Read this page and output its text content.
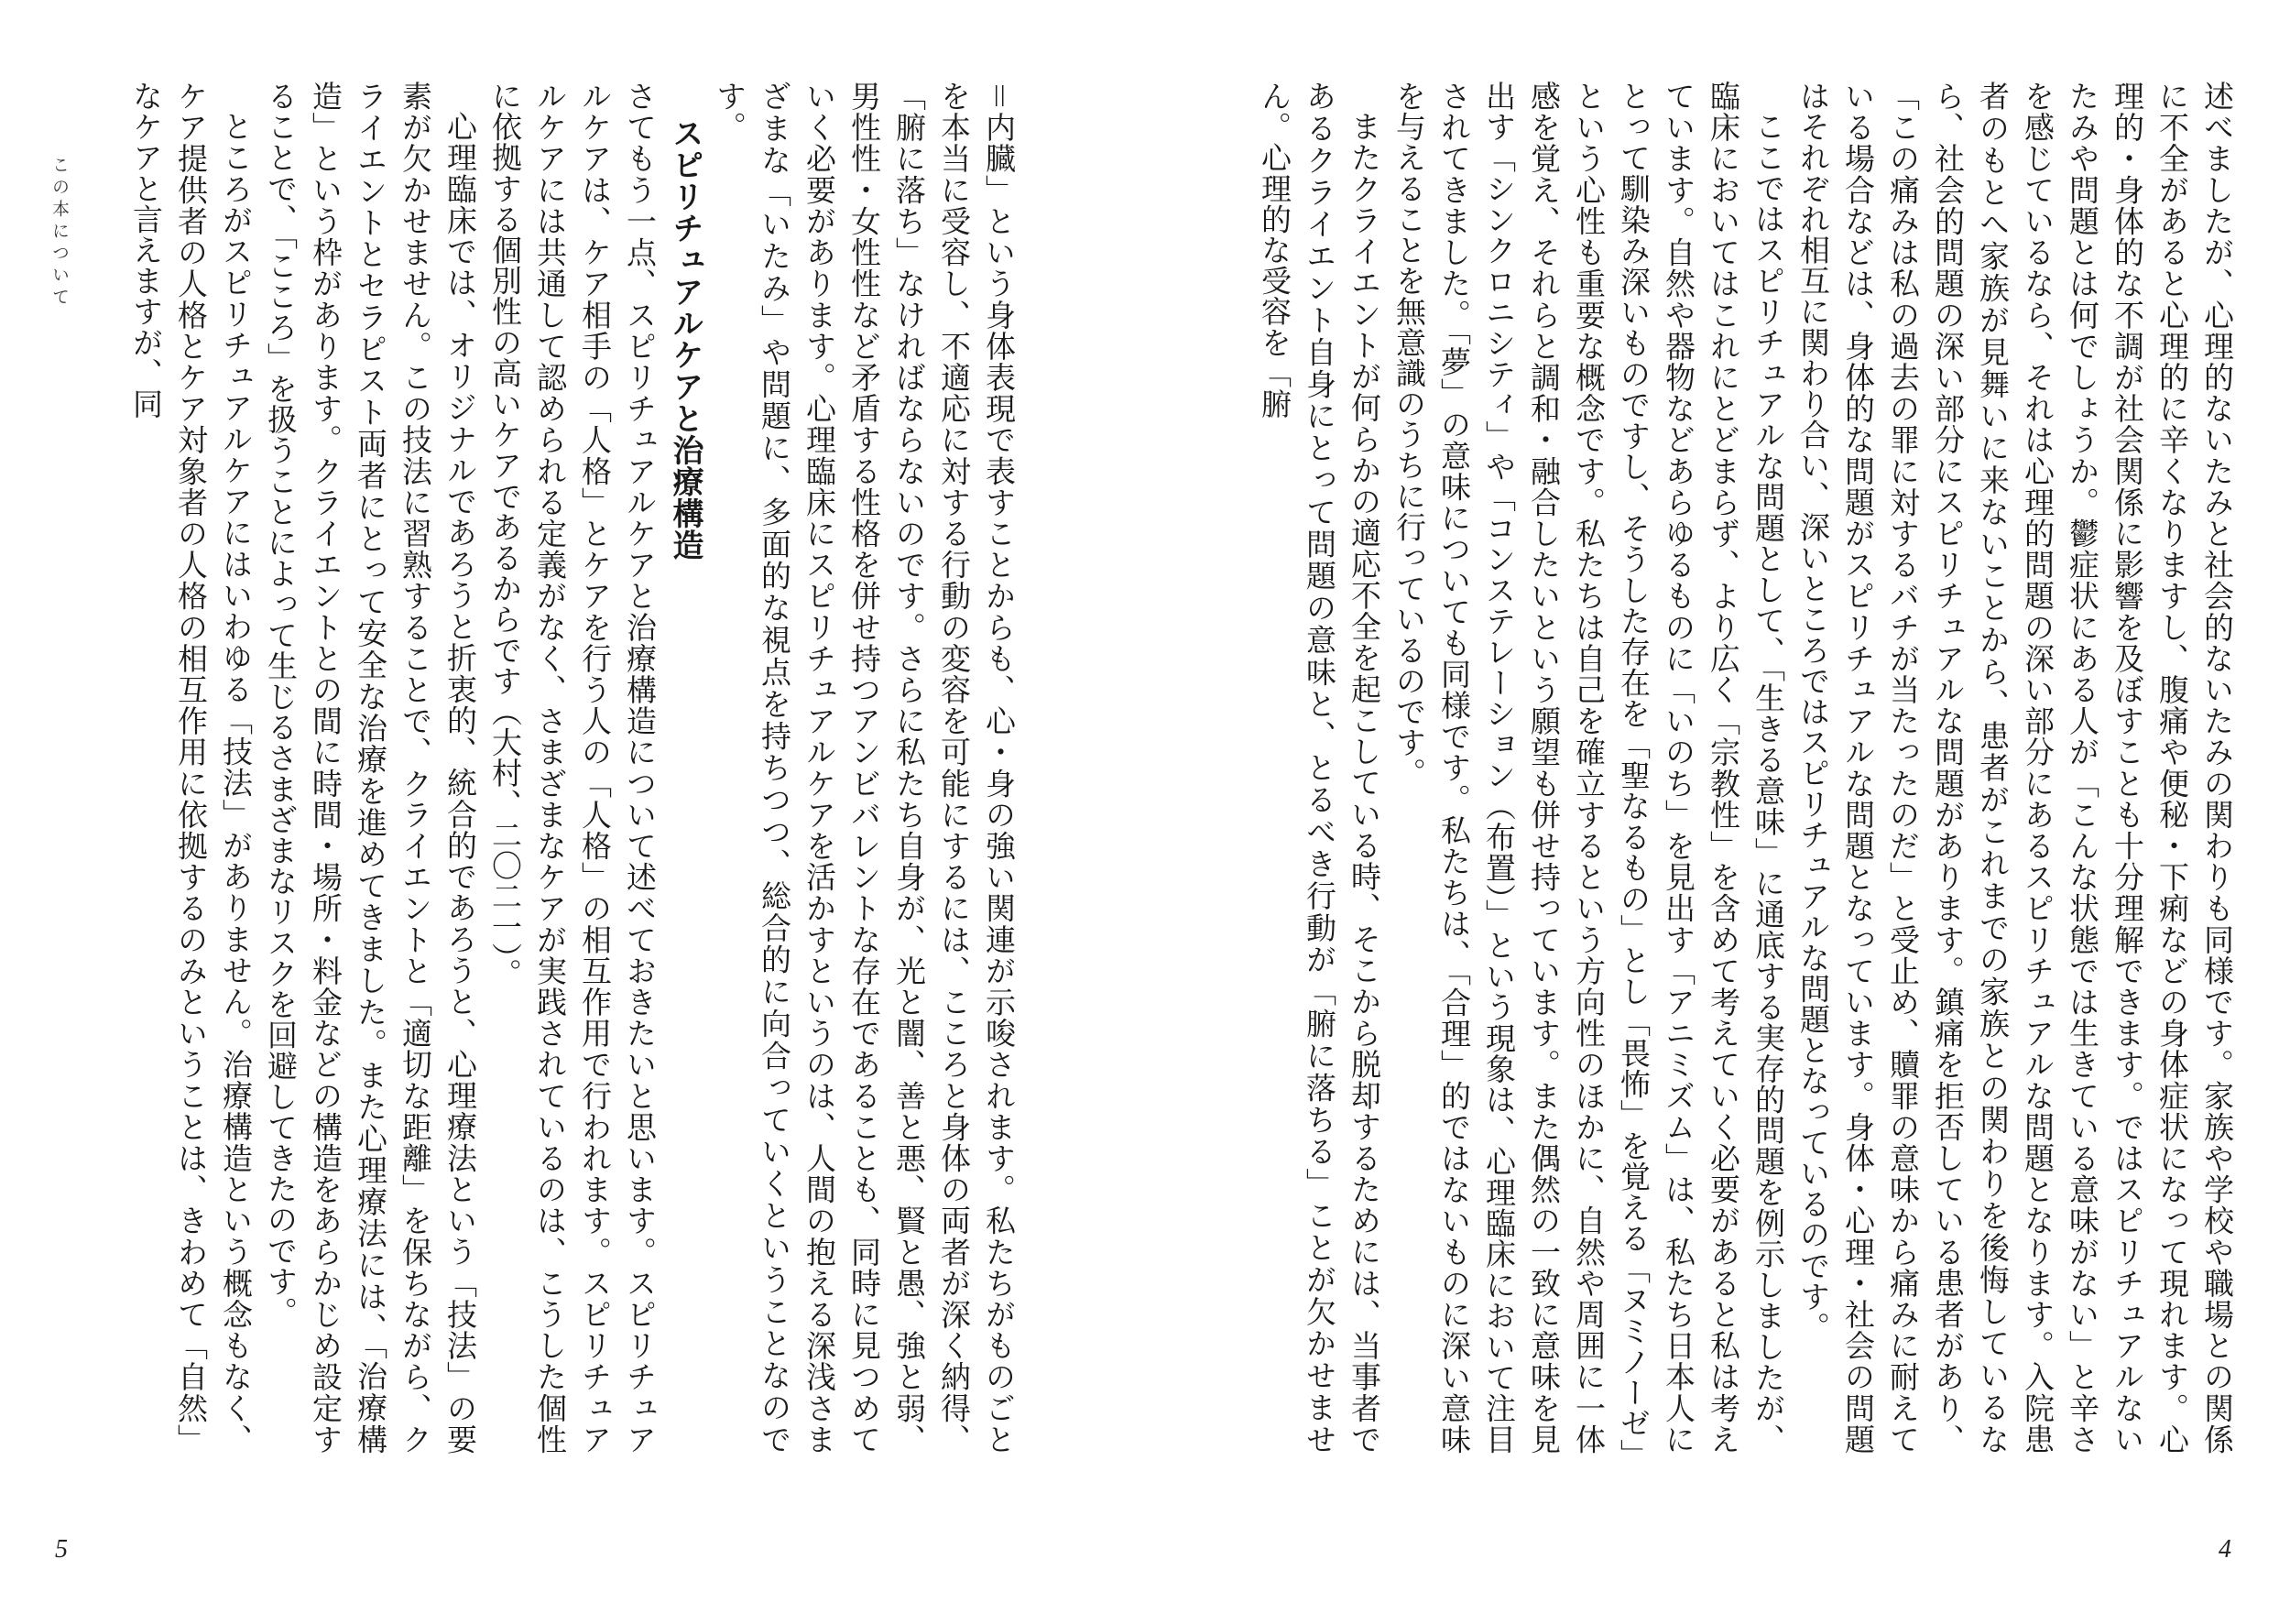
述べましたが、心理的ないたみと社会的ないたみの関わりも同様です。家族や学校や職場との関係に不全があると心理的に辛くなりますし、腹痛や便秘・下痢などの身体症状になって現れます。心理的・身体的な不調が社会関係に影響を及ぼすことも十分理解できます。ではスピリチュアルないたみや問題とは何でしょうか。鬱症状にある人が「こんな状態では生きている意味がない」と辛さを感じているなら、それは心理的問題の深い部分にあるスピリチュアルな問題となります。入院患者のもとへ家族が見舞いに来ないことから、患者がこれまでの家族との関わりを後悔しているなら、社会的問題の深い部分にスピリチュアルな問題があります。鎮痛を拒否している患者があり、「この痛みは私の過去の罪に対するバチが当たったのだ」と受止め、贖罪の意味から痛みに耐えている場合などは、身体的な問題がスピリチュアルな問題となっています。身体・心理・社会の問題はそれぞれ相互に関わり合い、深いところではスピリチュアルな問題となっているのです。

ここではスピリチュアルな問題として、「生きる意味」に通底する実存的問題を例示しましたが、臨床においてはこれにとどまらず、より広く「宗教性」を含めて考えていく必要があると私は考えています。自然や器物などあらゆるものに「いのち」を見出す「アニミズム」は、私たち日本人にとって馴染み深いものですし、そうした存在を「聖なるもの」とし「畏怖」を覚える「ヌミノーゼ」という心性も重要な概念です。私たちは自己を確立するという方向性のほかに、自然や周囲に一体感を覚え、それらと調和・融合したいという願望も併せ持っています。また偶然の一致に意味を見出す「シンクロニシティ」や「コンステレーション（布置）」という現象は、心理臨床において注目されてきました。「夢」の意味についても同様です。私たちは、「合理」的ではないものに深い意味を与えることを無意識のうちに行っているのです。

またクライエントが何らかの適応不全を起こしている時、そこから脱却するためには、当事者であるクライエント自身にとって問題の意味と、とるべき行動が「腑に落ちる」ことが欠かせません。心理的な受容を「腑

4
この本について	＝内臓」という身体表現で表すことからも、心・身の強い関連が示唆されます。私たちがものごとを本当に受容し、不適応に対する行動の変容を可能にするには、こころと身体の両者が深く納得、「腑に落ち」なければならないのです。さらに私たち自身が、光と闇、善と悪、賢と愚、強と弱、男性性・女性性など矛盾する性格を併せ持つアンビバレントな存在であることも、同時に見つめていく必要があります。心理臨床にスピリチュアルケアを活かすというのは、人間の抱える深浅さまざまな「いたみ」や問題に、多面的な視点を持ちつつ、総合的に向合っていくということなのです。

スピリチュアルケアと治療構造

さてもう一点、スピリチュアルケアと治療構造について述べておきたいと思います。スピリチュアルケアは、ケア相手の「人格」とケアを行う人の「人格」の相互作用で行われます。スピリチュアルケアには共通して認められる定義がなく、さまざまなケアが実践されているのは、こうした個性に依拠する個別性の高いケアであるからです（大村、二〇二一）。

心理臨床では、オリジナルであろうと折衷的、統合的であろうと、心理療法という「技法」の要素が欠かせません。この技法に習熟することで、クライエントと「適切な距離」を保ちながら、クライエントとセラピスト両者にとって安全な治療を進めてきました。また心理療法には、「治療構造」という枠があります。クライエントとの間に時間・場所・料金などの構造をあらかじめ設定することで、「こころ」を扱うことによって生じるさまざまなリスクを回避してきたのです。

ところがスピリチュアルケアにはいわゆる「技法」がありません。治療構造という概念もなく、ケア提供者の人格とケア対象者の人格の相互作用に依拠するのみということは、きわめて「自然」なケアと言えますが、同

5
